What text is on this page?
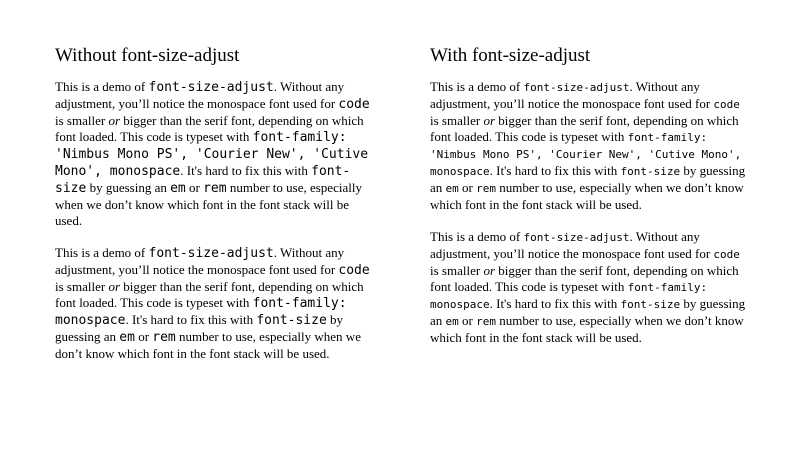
Without font-size-adjust

This is a demo of font-size-adjust. Without any adjustment, you’ll notice the monospace font used for code is smaller or bigger than the serif font, depending on which font loaded. This code is typeset with font-family: 'Nimbus Mono PS', 'Courier New', 'Cutive Mono', monospace. It's hard to fix this with font-size by guessing an em or rem number to use, especially when we don’t know which font in the font stack will be used.

This is a demo of font-size-adjust. Without any adjustment, you’ll notice the monospace font used for code is smaller or bigger than the serif font, depending on which font loaded. This code is typeset with font-family: monospace. It's hard to fix this with font-size by guessing an em or rem number to use, especially when we don’t know which font in the font stack will be used.

With font-size-adjust

This is a demo of font-size-adjust. Without any adjustment, you’ll notice the monospace font used for code is smaller or bigger than the serif font, depending on which font loaded. This code is typeset with font-family: 'Nimbus Mono PS', 'Courier New', 'Cutive Mono', monospace. It's hard to fix this with font-size by guessing an em or rem number to use, especially when we don’t know which font in the font stack will be used.

This is a demo of font-size-adjust. Without any adjustment, you’ll notice the monospace font used for code is smaller or bigger than the serif font, depending on which font loaded. This code is typeset with font-family: monospace. It's hard to fix this with font-size by guessing an em or rem number to use, especially when we don’t know which font in the font stack will be used.
